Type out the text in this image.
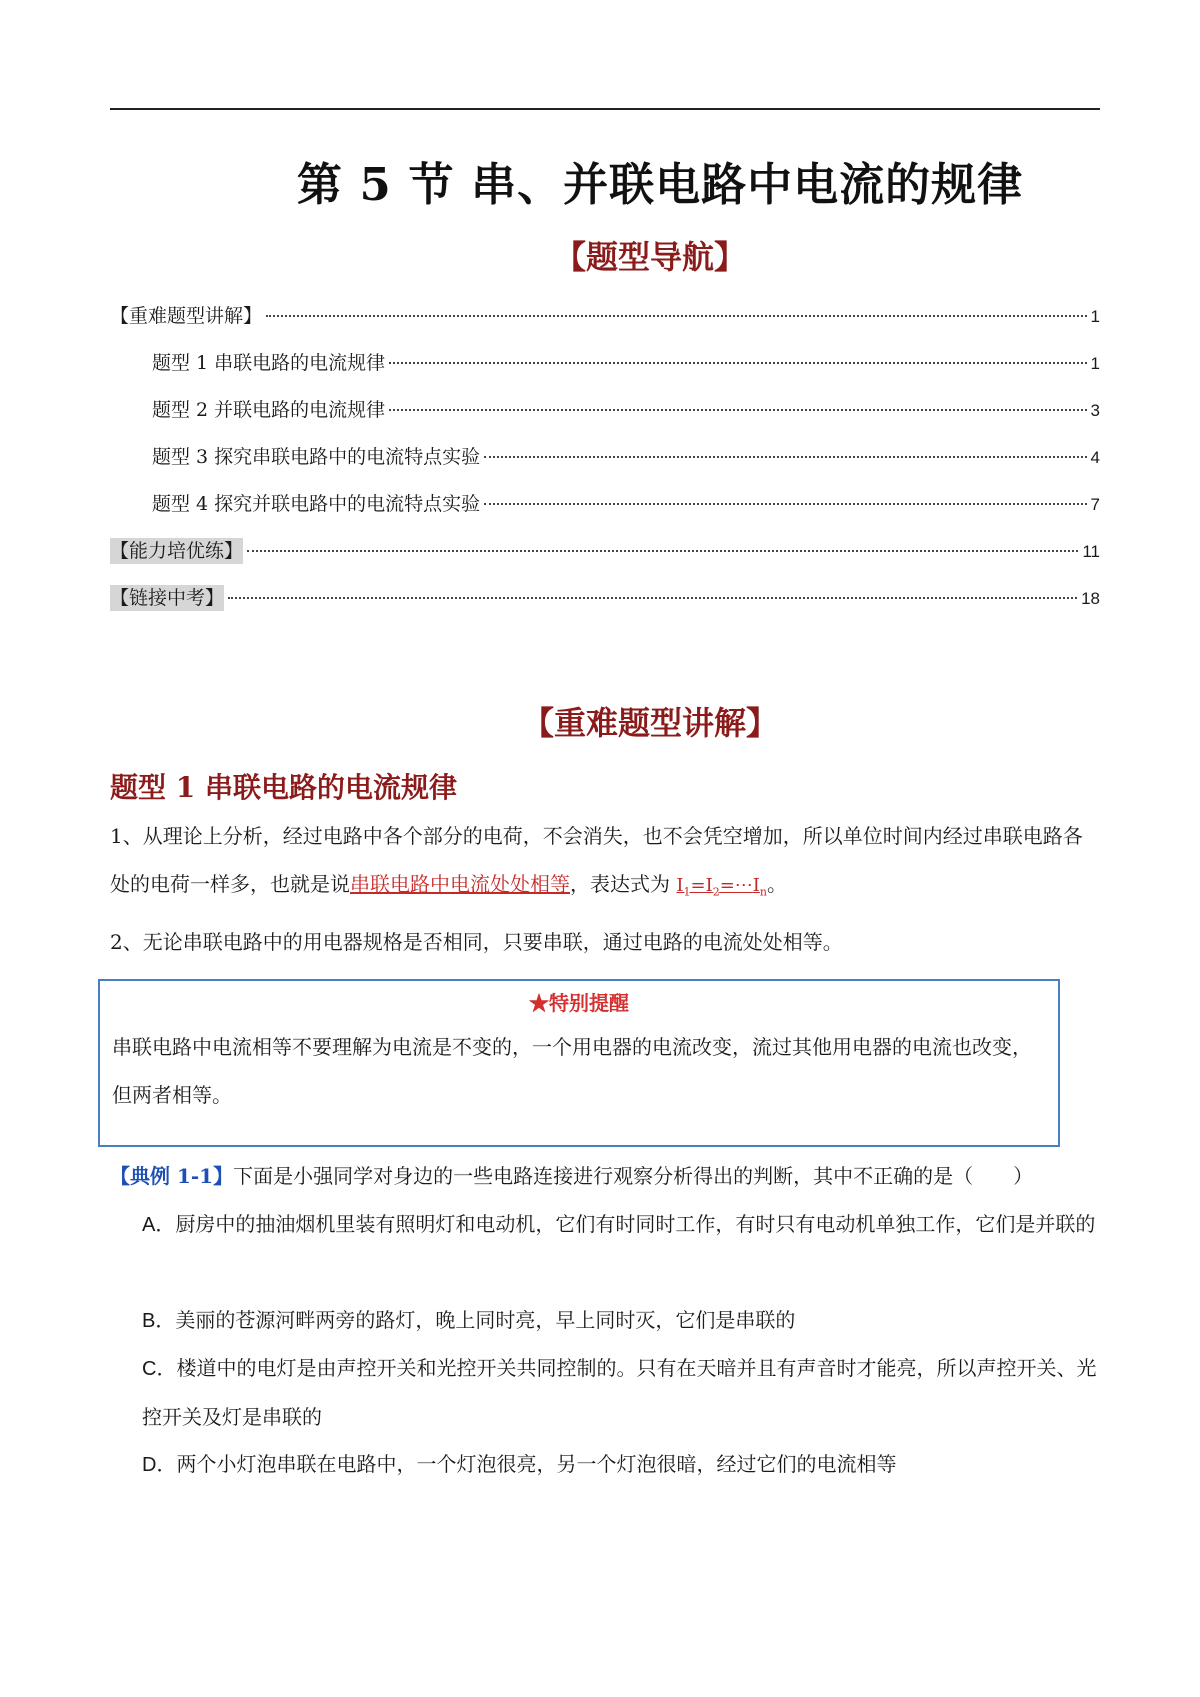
第 5 节 串、并联电路中电流的规律
【题型导航】
【重难题型讲解】	1
题型 1 串联电路的电流规律	1
题型 2 并联电路的电流规律	3
题型 3 探究串联电路中的电流特点实验	4
题型 4 探究并联电路中的电流特点实验	7
【能力培优练】	11
【链接中考】	18
【重难题型讲解】
题型 1 串联电路的电流规律
1、从理论上分析，经过电路中各个部分的电荷，不会消失，也不会凭空增加，所以单位时间内经过串联电路各处的电荷一样多，也就是说串联电路中电流处处相等，表达式为 $I_1=I_2=\cdots I_n$。
2、无论串联电路中的用电器规格是否相同，只要串联，通过电路的电流处处相等。
★特别提醒
串联电路中电流相等不要理解为电流是不变的，一个用电器的电流改变，流过其他用电器的电流也改变，但两者相等。
【典例 1-1】下面是小强同学对身边的一些电路连接进行观察分析得出的判断，其中不正确的是（　　）
A．厨房中的抽油烟机里装有照明灯和电动机，它们有时同时工作，有时只有电动机单独工作，它们是并联的
B．美丽的苍源河畔两旁的路灯，晚上同时亮，早上同时灭，它们是串联的
C．楼道中的电灯是由声控开关和光控开关共同控制的。只有在天暗并且有声音时才能亮，所以声控开关、光控开关及灯是串联的
D．两个小灯泡串联在电路中，一个灯泡很亮，另一个灯泡很暗，经过它们的电流相等
